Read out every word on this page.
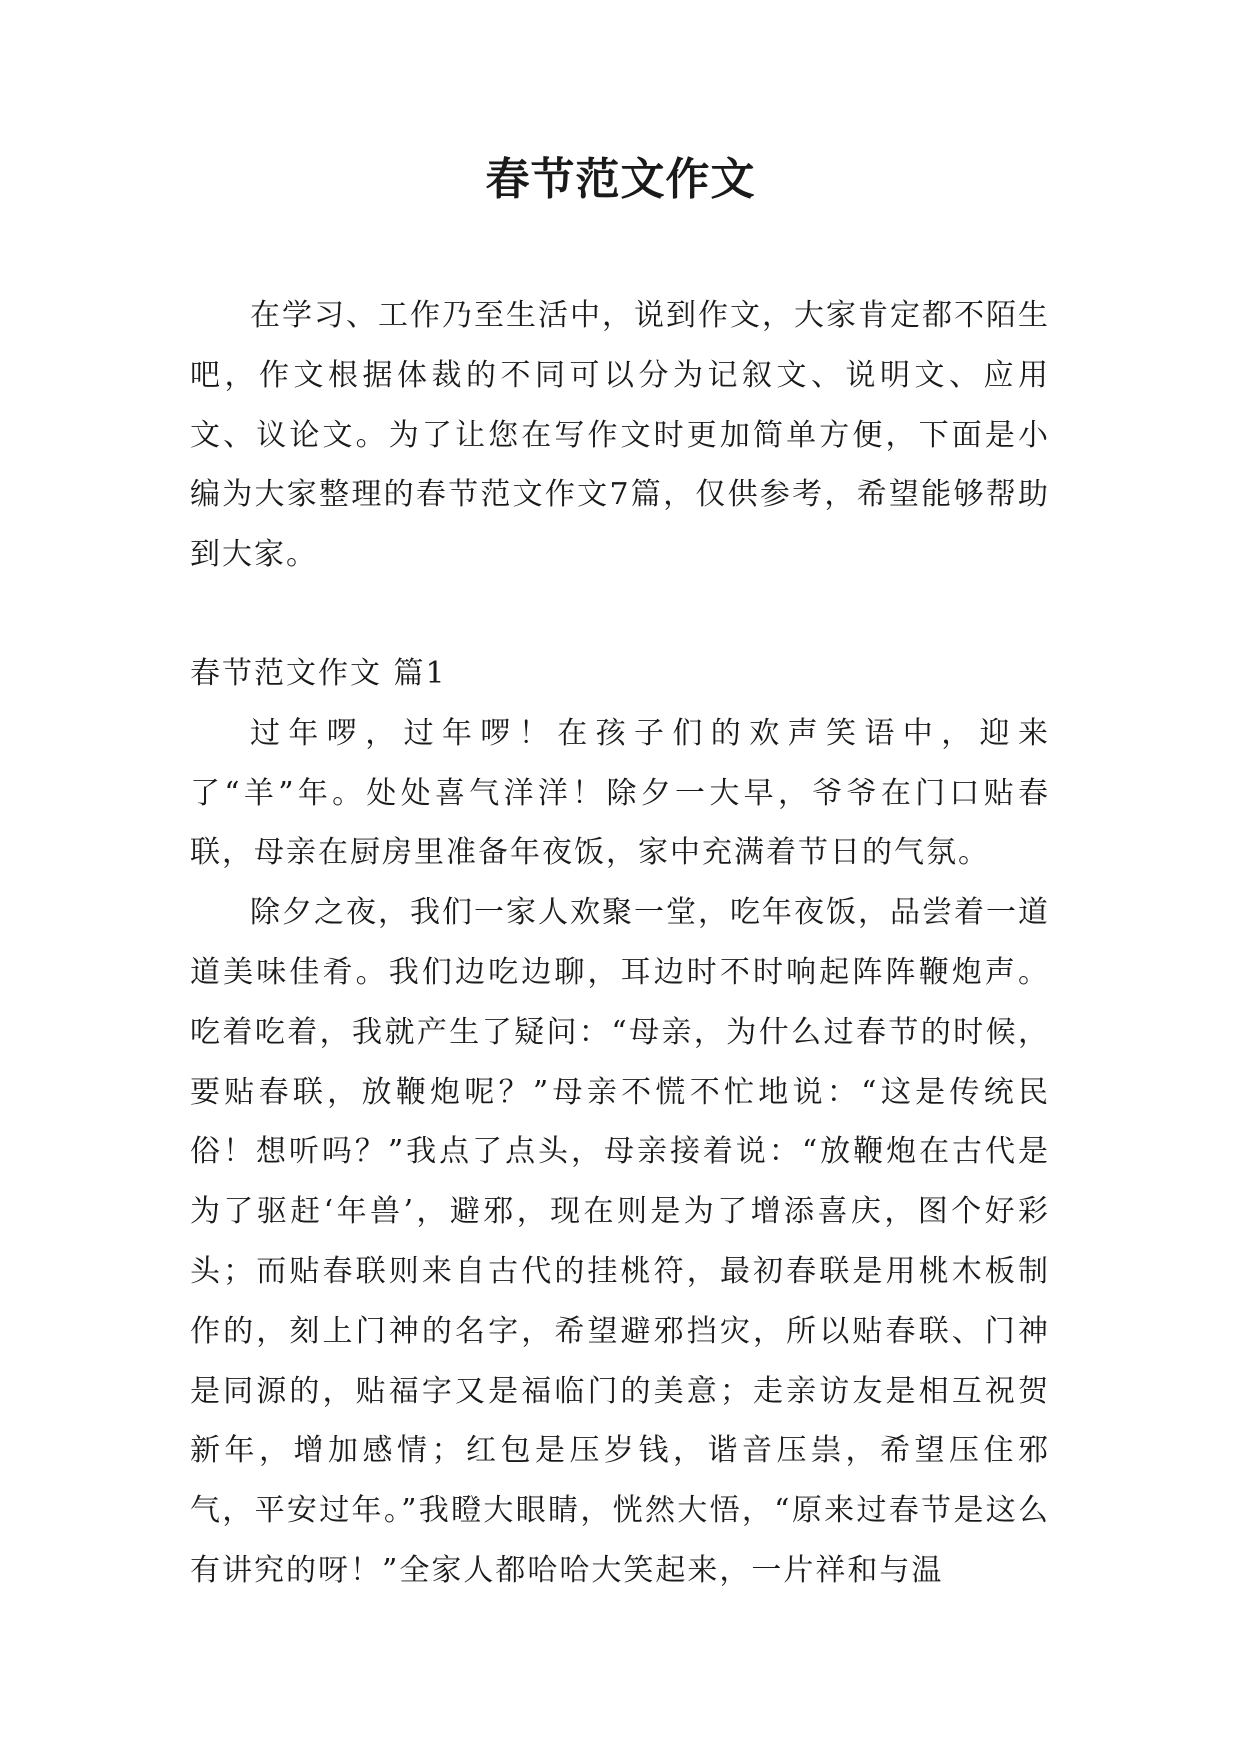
春节范文作文

在学习、工作乃至生活中，说到作文，大家肯定都不陌生吧，作文根据体裁的不同可以分为记叙文、说明文、应用文、议论文。为了让您在写作文时更加简单方便，下面是小编为大家整理的春节范文作文7篇，仅供参考，希望能够帮助到大家。

春节范文作文 篇1

过年啰，过年啰！在孩子们的欢声笑语中，迎来了“羊”年。处处喜气洋洋！除夕一大早，爷爷在门口贴春联，母亲在厨房里准备年夜饭，家中充满着节日的气氛。

除夕之夜，我们一家人欢聚一堂，吃年夜饭，品尝着一道道美味佳肴。我们边吃边聊，耳边时不时响起阵阵鞭炮声。吃着吃着，我就产生了疑问：“母亲，为什么过春节的时候，要贴春联，放鞭炮呢？”母亲不慌不忙地说：“这是传统民俗！想听吗？”我点了点头，母亲接着说：“放鞭炮在古代是为了驱赶‘年兽’，避邪，现在则是为了增添喜庆，图个好彩头；而贴春联则来自古代的挂桃符，最初春联是用桃木板制作的，刻上门神的名字，希望避邪挡灾，所以贴春联、门神是同源的，贴福字又是福临门的美意；走亲访友是相互祝贺新年，增加感情；红包是压岁钱，谐音压祟，希望压住邪气，平安过年。”我瞪大眼睛，恍然大悟，“原来过春节是这么有讲究的呀！”全家人都哈哈大笑起来，一片祥和与温
